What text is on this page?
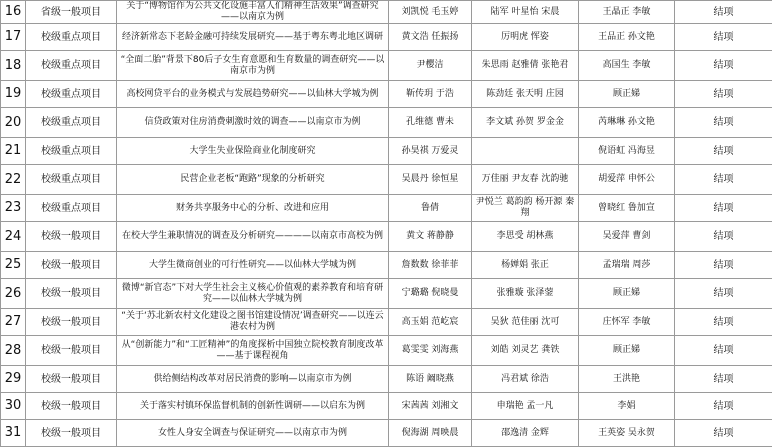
16	省级一般项目	关于“博物馆作为公共文化设施丰富人们精神生活效果”调查研究——以南京为例	刘凯悦 毛玉婷	陆军 叶星怡 宋晨	王晶正 李敏	结项
17	校级重点项目	经济新常态下老龄金融可持续发展研究——基于粤东粤北地区调研	黄文浩 任振扬	厉明虎 恽姿	王品正 孙文艳	结项
18	校级重点项目	“全面二胎”背景下80后子女生育意愿和生育数量的调查研究——以南京市为例	尹樱洁	朱思雨 赵雅倩 张艳君	高国生 李敏	结项
19	校级重点项目	高校网贷平台的业务模式与发展趋势研究——以仙林大学城为例	靳传玥 于浩	陈劲廷 张天明 庄园	顾正娣	结项
20	校级重点项目	信贷政策对住房消费刺激时效的调查——以南京市为例	孔维德 曹未	李文斌 孙贺 罗金金	芮琳琳 孙文艳	结项
21	校级重点项目	大学生失业保险商业化制度研究	孙昊祺 万爱灵		倪语虹 冯海昱	结项
22	校级重点项目	民营企业老板“跑路”现象的分析研究	吴晨丹 徐恒星	万佳丽 尹友春 沈韵驰	胡爱萍 申怀公	结项
23	校级重点项目	财务共享服务中心的分析、改进和应用	鲁倩	尹悦兰 葛韵韵 杨开源 秦翔	曾晓红 鲁加宣	结项
24	校级一般项目	在校大学生兼职情况的调查及分析研究————以南京市高校为例	黄文 蒋静静	李思受 胡林燕	吴爱萍 曹剑	结项
25	校级一般项目	大学生微商创业的可行性研究——以仙林大学城为例	詹数数 徐菲菲	杨婵娟 张正	孟瑞瑞 周莎	结项
26	校级一般项目	微博“新官态”下对大学生社会主义核心价值观的素养教育和培育研究——以仙林大学城为例	宁璐璐 倪晓曼	张雅璇 张泽蓥	顾正娣	结项
27	校级一般项目	“关于‘苏北新农村文化建设之图书馆建设情况’调查研究——以连云港农村为例	高玉娟 范屹宸	吴狄 范佳丽 沈可	庄怀军 李敏	结项
28	校级一般项目	从“创新能力”和“工匠精神”的角度探析中国独立院校教育制度改革——基于课程视角	葛雯雯 刘海燕	刘皓 刘灵艺 龚铁	顾正娣	结项
29	校级一般项目	供给侧结构改革对居民消费的影响—以南京市为例	陈语 阚晓燕	冯君斌 徐浩	王洪艳	结项
30	校级一般项目	关于落实村镇环保监督机制的创新性调研——以启东为例	宋茜茜 刘湘文	申瑞艳 孟一凡	李娟	结项
31	校级一般项目	女性人身安全调查与保证研究——以南京市为例	倪海湖 周映晨	邵逸清 金辉	王英姿 吴永贺	结项
